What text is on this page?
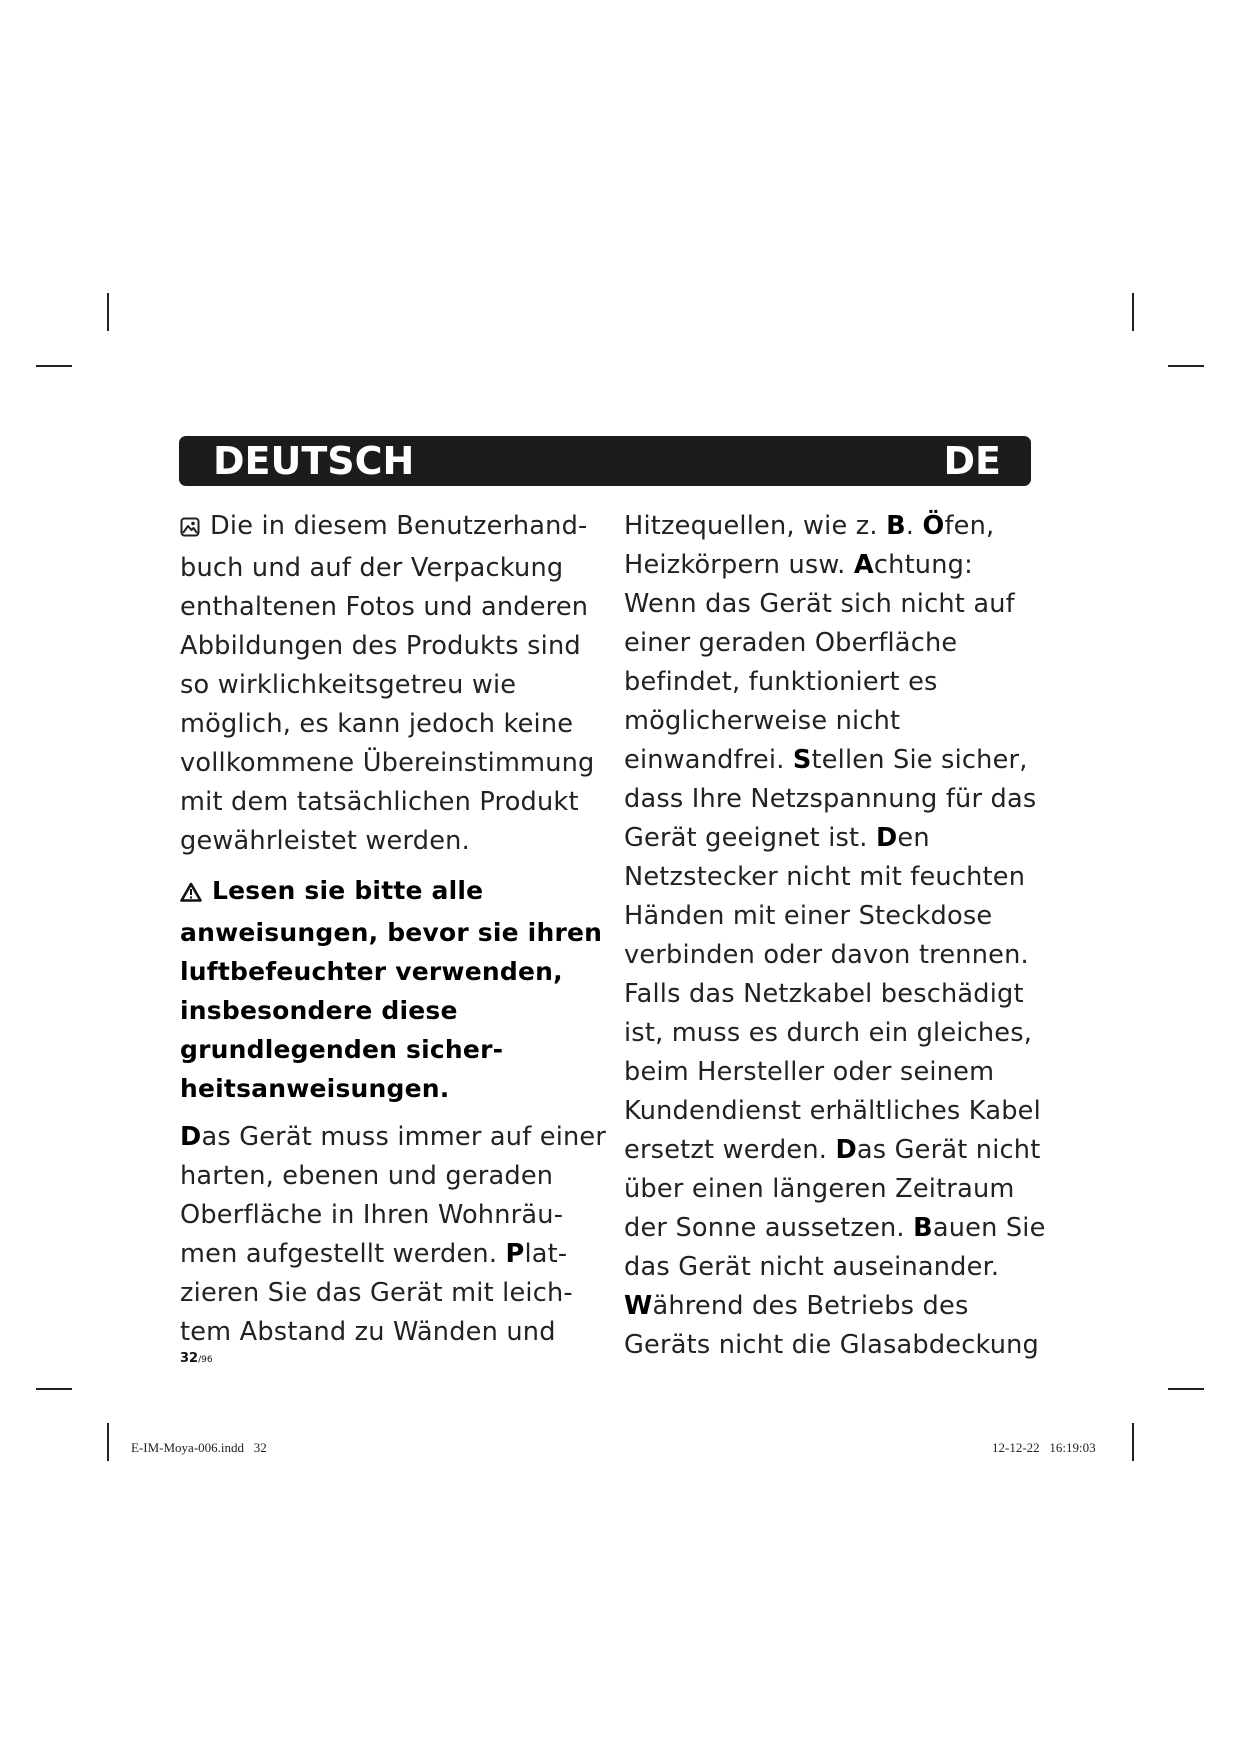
DEUTSCH	DE

Die in diesem Benutzerhandbuch und auf der Verpackung enthaltenen Fotos und anderen Abbildungen des Produkts sind so wirklichkeitsgetreu wie möglich, es kann jedoch keine vollkommene Übereinstimmung mit dem tatsächlichen Produkt gewährleistet werden.

Lesen sie bitte alle anweisungen, bevor sie ihren luftbefeuchter verwenden, insbesondere diese grundlegenden sicherheitsanweisungen.

Das Gerät muss immer auf einer harten, ebenen und geraden Oberfläche in Ihren Wohnräumen aufgestellt werden. Platzieren Sie das Gerät mit leichtem Abstand zu Wänden und

Hitzequellen, wie z. B. Öfen, Heizkörpern usw. Achtung: Wenn das Gerät sich nicht auf einer geraden Oberfläche befindet, funktioniert es möglicherweise nicht einwandfrei. Stellen Sie sicher, dass Ihre Netzspannung für das Gerät geeignet ist. Den Netzstecker nicht mit feuchten Händen mit einer Steckdose verbinden oder davon trennen. Falls das Netzkabel beschädigt ist, muss es durch ein gleiches, beim Hersteller oder seinem Kundendienst erhältliches Kabel ersetzt werden. Das Gerät nicht über einen längeren Zeitraum der Sonne aussetzen. Bauen Sie das Gerät nicht auseinander. Während des Betriebs des Geräts nicht die Glasabdeckung

32/96
E-IM-Moya-006.indd   32	12-12-22   16:19:03
